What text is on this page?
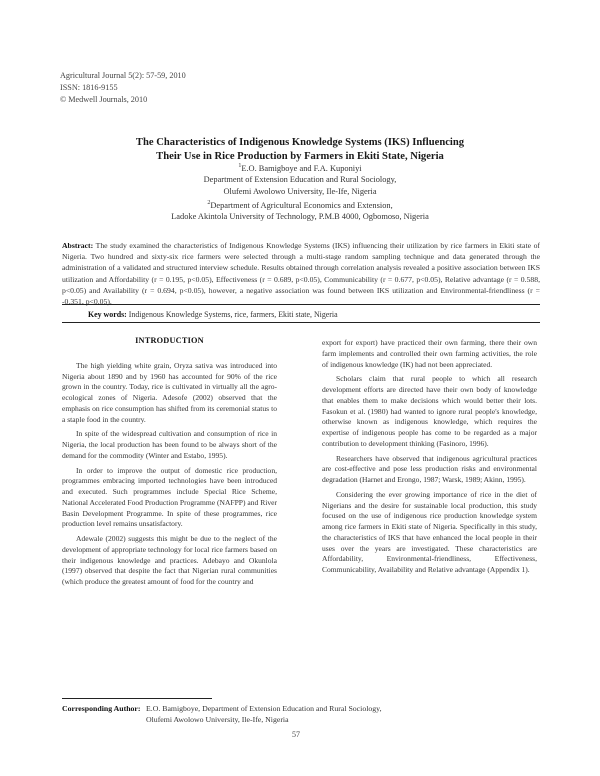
Agricultural Journal 5(2): 57-59, 2010
ISSN: 1816-9155
© Medwell Journals, 2010
The Characteristics of Indigenous Knowledge Systems (IKS) Influencing
Their Use in Rice Production by Farmers in Ekiti State, Nigeria
$^1$E.O. Bamigboye and F.A. Kuponiyi
Department of Extension Education and Rural Sociology,
Olufemi Awolowo University, Ile-Ife, Nigeria
$^2$Department of Agricultural Economics and Extension,
Ladoke Akintola University of Technology, P.M.B 4000, Ogbomoso, Nigeria
Abstract: The study examined the characteristics of Indigenous Knowledge Systems (IKS) influencing their utilization by rice farmers in Ekiti state of Nigeria. Two hundred and sixty-six rice farmers were selected through a multi-stage random sampling technique and data generated through the administration of a validated and structured interview schedule. Results obtained through correlation analysis revealed a positive association between IKS utilization and Affordability (r = 0.195, p<0.05), Effectiveness (r = 0.689, p<0.05), Communicability (r = 0.677, p<0.05), Relative advantage (r = 0.588, p<0.05) and Availability (r = 0.694, p<0.05), however, a negative association was found between IKS utilization and Environmental-friendliness (r = -0.351, p<0.05).
Key words: Indigenous Knowledge Systems, rice, farmers, Ekiti state, Nigeria
INTRODUCTION

The high yielding white grain, Oryza sativa was introduced into Nigeria about 1890 and by 1960 has accounted for 90% of the rice grown in the country. Today, rice is cultivated in virtually all the agro-ecological zones of Nigeria. Adesofe (2002) observed that the emphasis on rice consumption has shifted from its ceremonial status to a staple food in the country.

In spite of the widespread cultivation and consumption of rice in Nigeria, the local production has been found to be always short of the demand for the commodity (Winter and Estabo, 1995).

In order to improve the output of domestic rice production, programmes embracing imported technologies have been introduced and executed. Such programmes include Special Rice Scheme, National Accelerated Food Production Programme (NAFPP) and River Basin Development Programme. In spite of these programmes, rice production level remains unsatisfactory.

Adewale (2002) suggests this might be due to the neglect of the development of appropriate technology for local rice farmers based on their indigenous knowledge and practices. Adebayo and Okunlola (1997) observed that despite the fact that Nigerian rural communities (which produce the greatest amount of food for the country and

export for export) have practiced their own farming, there their own farm implements and controlled their own farming activities, the role of indigenous knowledge (IK) had not been appreciated.

Scholars claim that rural people to which all research development efforts are directed have their own body of knowledge that enables them to make decisions which would better their lots. Fasokun et al. (1980) had wanted to ignore rural people's knowledge, otherwise known as indigenous knowledge, which requires the expertise of indigenous people has come to be regarded as a major contribution to development thinking (Fasinoro, 1996).

Researchers have observed that indigenous agricultural practices are cost-effective and pose less production risks and environmental degradation (Harnet and Erongo, 1987; Warsk, 1989; Akinn, 1995).

Considering the ever growing importance of rice in the diet of Nigerians and the desire for sustainable local production, this study focused on the use of indigenous rice production knowledge system among rice farmers in Ekiti state of Nigeria. Specifically in this study, the characteristics of IKS that have enhanced the local people in their uses over the years are investigated. These characteristics are Affordability, Environmental-friendliness, Effectiveness, Communicability, Availability and Relative advantage (Appendix 1).

Corresponding Author: E.O. Bamigboye, Department of Extension Education and Rural Sociology,
Olufemi Awolowo University, Ile-Ife, Nigeria
57
